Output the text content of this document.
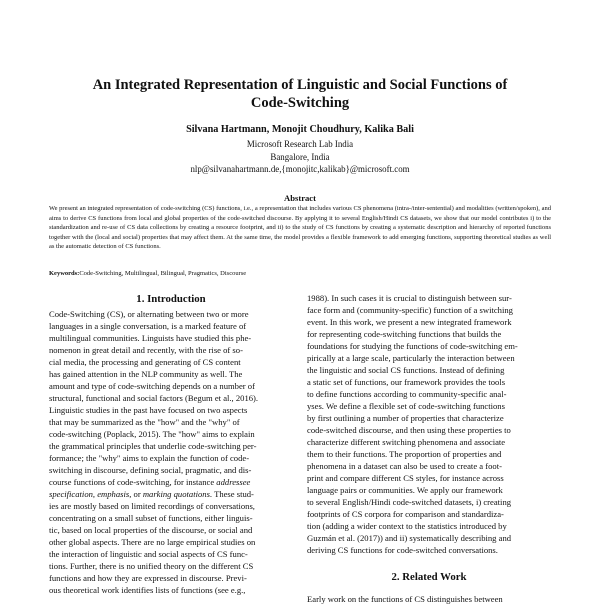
An Integrated Representation of Linguistic and Social Functions of
Code-Switching
Silvana Hartmann, Monojit Choudhury, Kalika Bali
Microsoft Research Lab India
Bangalore, India
nlp@silvanahartmann.de,{monojitc,kalikab}@microsoft.com
Abstract
We present an integrated representation of code-switching (CS) functions, i.e., a representation that includes various CS phenomena (intra-/inter-sentential) and modalities (written/spoken), and aims to derive CS functions from local and global properties of the code-switched discourse. By applying it to several English/Hindi CS datasets, we show that our model contributes i) to the standardization and re-use of CS data collections by creating a resource footprint, and ii) to the study of CS functions by creating a systematic description and hierarchy of reported functions together with the (local and social) properties that may affect them. At the same time, the model provides a flexible framework to add emerging functions, supporting theoretical studies as well as the automatic detection of CS functions.
Keywords:Code-Switching, Multilingual, Bilingual, Pragmatics, Discourse
1. Introduction
Code-Switching (CS), or alternating between two or more
languages in a single conversation, is a marked feature of
multilingual communities. Linguists have studied this phe-
nomenon in great detail and recently, with the rise of so-
cial media, the processing and generating of CS content
has gained attention in the NLP community as well. The
amount and type of code-switching depends on a number of
structural, functional and social factors (Begum et al., 2016).
Linguistic studies in the past have focused on two aspects
that may be summarized as the "how" and the "why" of
code-switching (Poplack, 2015). The "how" aims to explain
the grammatical principles that underlie code-switching per-
formance; the "why" aims to explain the function of code-
switching in discourse, defining social, pragmatic, and dis-
course functions of code-switching, for instance addressee
specification, emphasis, or marking quotations. These stud-
ies are mostly based on limited recordings of conversations,
concentrating on a small subset of functions, either linguis-
tic, based on local properties of the discourse, or social and
other global aspects. There are no large empirical studies on
the interaction of linguistic and social aspects of CS func-
tions. Further, there is no unified theory on the different CS
functions and how they are expressed in discourse. Previ-
ous theoretical work identifies lists of functions (see e.g.,
1988). In such cases it is crucial to distinguish between sur-
face form and (community-specific) function of a switching
event. In this work, we present a new integrated framework
for representing code-switching functions that builds the
foundations for studying the functions of code-switching em-
pirically at a large scale, particularly the interaction between
the linguistic and social CS functions. Instead of defining
a static set of functions, our framework provides the tools
to define functions according to community-specific anal-
yses. We define a flexible set of code-switching functions
by first outlining a number of properties that characterize
code-switched discourse, and then using these properties to
characterize different switching phenomena and associate
them to their functions. The proportion of properties and
phenomena in a dataset can also be used to create a foot-
print and compare different CS styles, for instance across
language pairs or communities. We apply our framework
to several English/Hindi code-switched datasets, i) creating
footprints of CS corpora for comparison and standardiza-
tion (adding a wider context to the statistics introduced by
Guzmán et al. (2017)) and ii) systematically describing and
deriving CS functions for code-switched conversations.
2. Related Work
Early work on the functions of CS distinguishes between
